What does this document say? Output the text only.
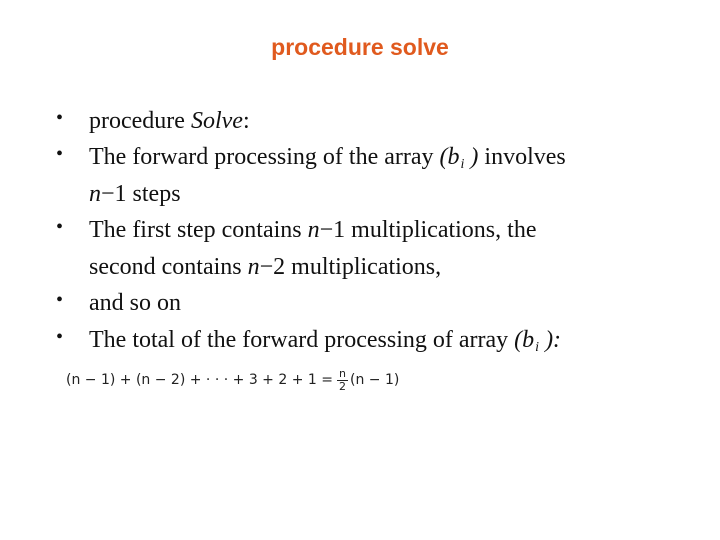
procedure solve
•	procedure Solve:
•	The forward processing of the array ($b_i$ ) involves
n−1 steps
•	The first step contains n−1 multiplications, the
second contains n−2 multiplications,
•	and so on
•	The total of the forward processing of array ($b_i$ ):
(n − 1) + (n − 2) + · · · + $3 + 2 + 1 = \frac{n}{2} (n - 1)$
